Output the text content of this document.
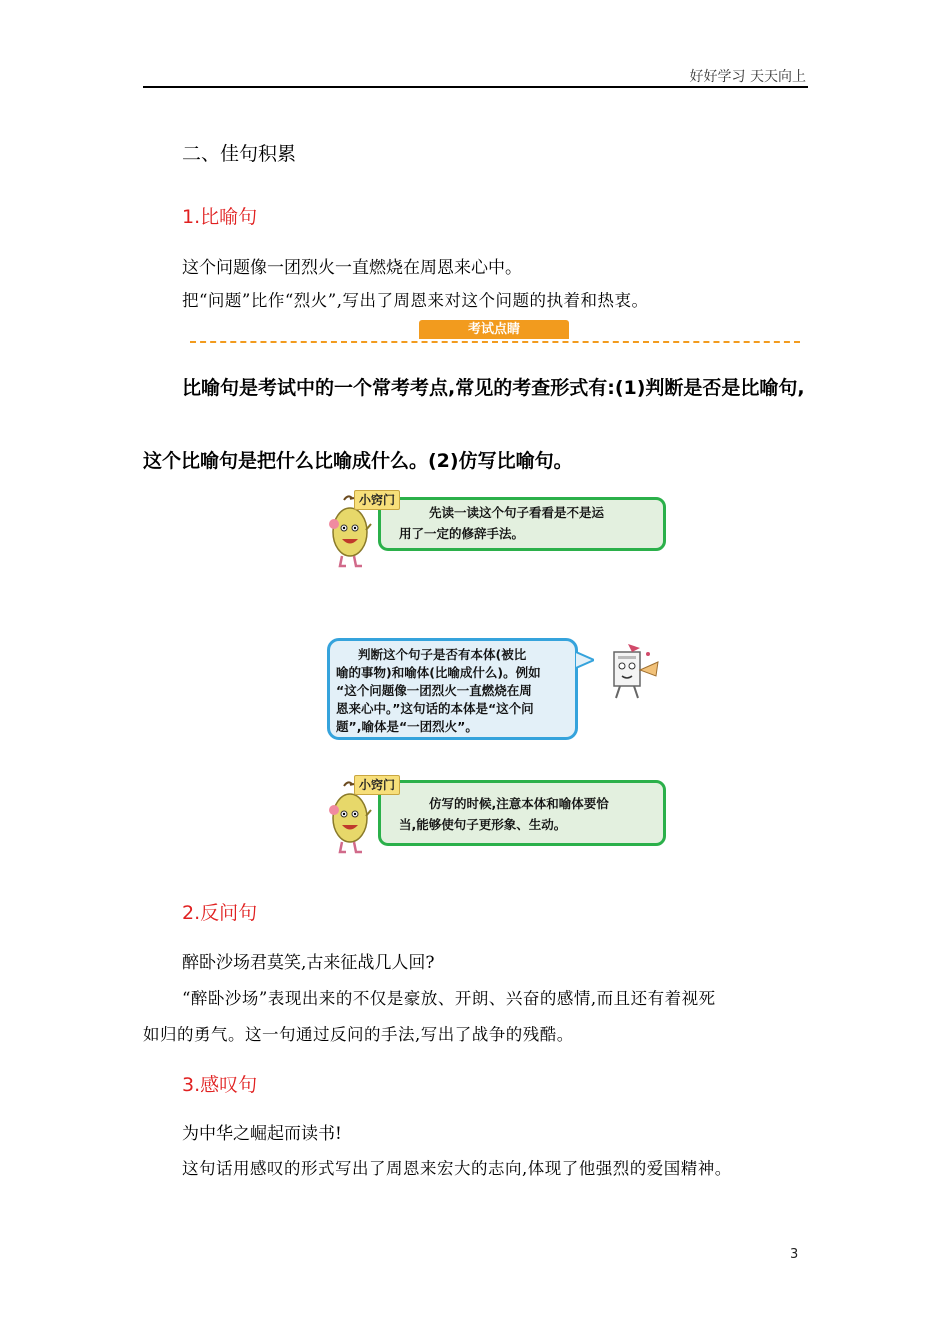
好好学习 天天向上
二、佳句积累
1.比喻句
这个问题像一团烈火一直燃烧在周恩来心中。
把“问题”比作“烈火”,写出了周恩来对这个问题的执着和热衷。
考试点睛
比喻句是考试中的一个常考考点,常见的考查形式有:(1)判断是否是比喻句,
这个比喻句是把什么比喻成什么。(2)仿写比喻句。
先读一读这个句子看看是不是运
用了一定的修辞手法。
小窍门
判断这个句子是否有本体(被比
喻的事物)和喻体(比喻成什么)。例如
“这个问题像一团烈火一直燃烧在周
恩来心中。”这句话的本体是“这个问
题”,喻体是“一团烈火”。
仿写的时候,注意本体和喻体要恰
当,能够使句子更形象、生动。
小窍门
2.反问句
醉卧沙场君莫笑,古来征战几人回?
“醉卧沙场”表现出来的不仅是豪放、开朗、兴奋的感情,而且还有着视死
如归的勇气。这一句通过反问的手法,写出了战争的残酷。
3.感叹句
为中华之崛起而读书!
这句话用感叹的形式写出了周恩来宏大的志向,体现了他强烈的爱国精神。
3
